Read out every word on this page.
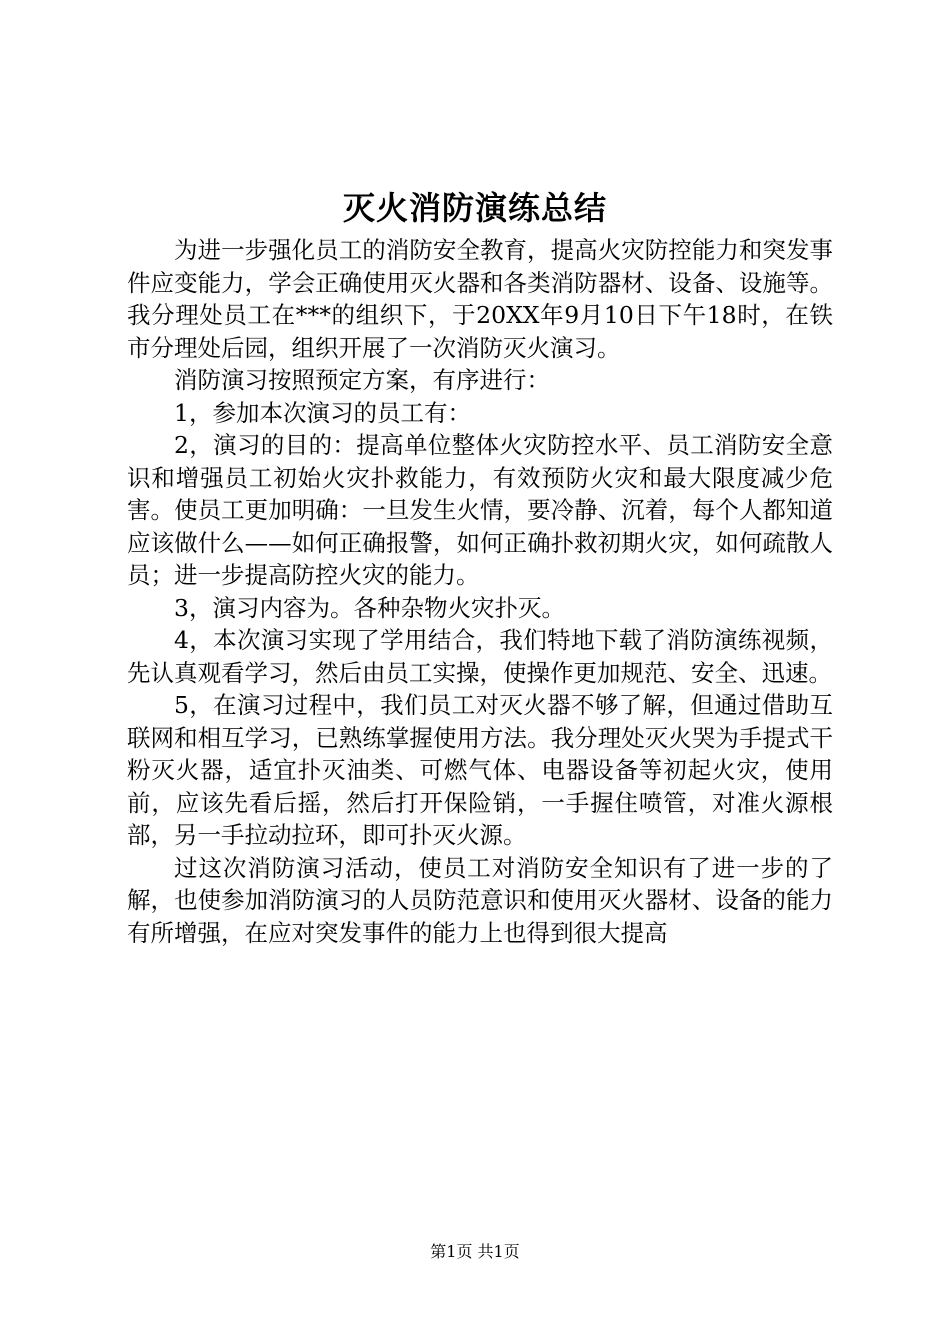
灭火消防演练总结

为进一步强化员工的消防安全教育，提高火灾防控能力和突发事件应变能力，学会正确使用灭火器和各类消防器材、设备、设施等。我分理处员工在***的组织下，于20XX年9月10日下午18时，在铁市分理处后园，组织开展了一次消防灭火演习。

消防演习按照预定方案，有序进行：

1，参加本次演习的员工有：

2，演习的目的：提高单位整体火灾防控水平、员工消防安全意识和增强员工初始火灾扑救能力，有效预防火灾和最大限度减少危害。使员工更加明确：一旦发生火情，要冷静、沉着，每个人都知道应该做什么——如何正确报警，如何正确扑救初期火灾，如何疏散人员；进一步提高防控火灾的能力。

3，演习内容为。各种杂物火灾扑灭。

4，本次演习实现了学用结合，我们特地下载了消防演练视频，先认真观看学习，然后由员工实操，使操作更加规范、安全、迅速。

5，在演习过程中，我们员工对灭火器不够了解，但通过借助互联网和相互学习，已熟练掌握使用方法。我分理处灭火哭为手提式干粉灭火器，适宜扑灭油类、可燃气体、电器设备等初起火灾，使用前，应该先看后摇，然后打开保险销，一手握住喷管，对准火源根部，另一手拉动拉环，即可扑灭火源。

过这次消防演习活动，使员工对消防安全知识有了进一步的了解，也使参加消防演习的人员防范意识和使用灭火器材、设备的能力有所增强，在应对突发事件的能力上也得到很大提高

第1页 共1页
